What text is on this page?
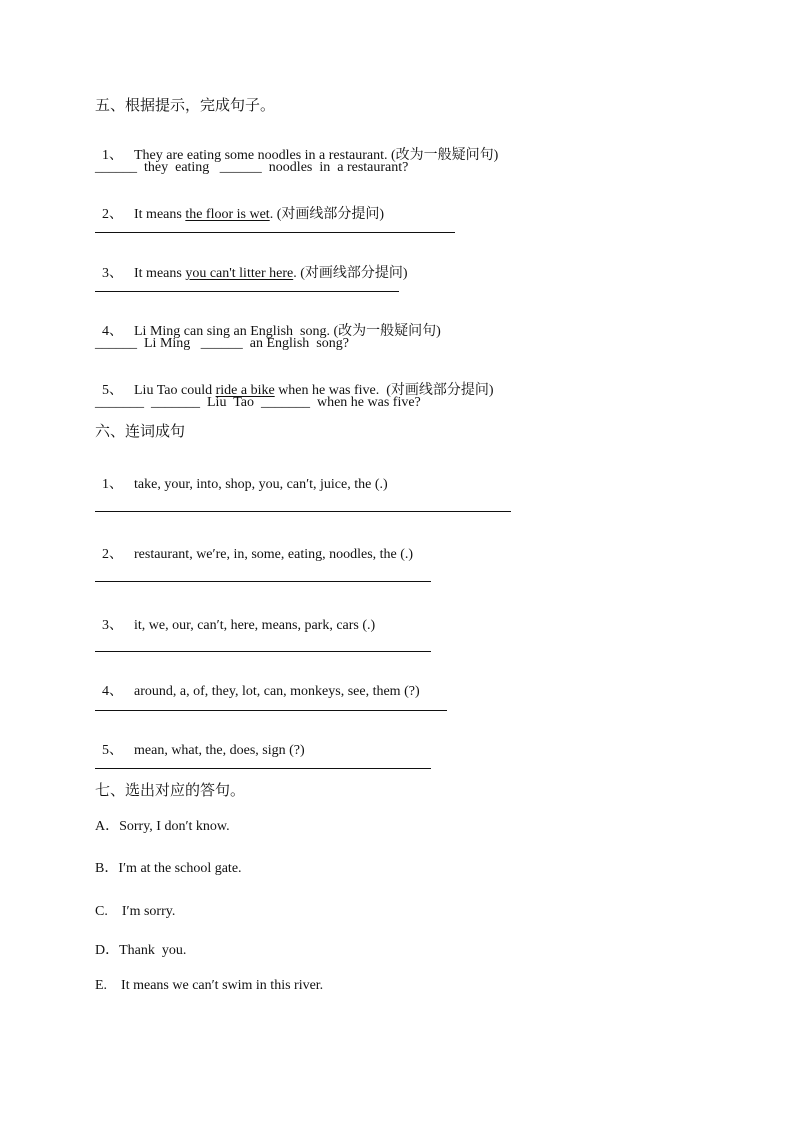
五、根据提示，完成句子。

1、 They are eating some noodles in a restaurant. (改为一般疑问句)

______  they  eating   ______  noodles  in  a restaurant?

2、 It means the floor is wet. (对画线部分提问)

3、 It means you can't litter here. (对画线部分提问)

4、 Li Ming can sing an English  song. (改为一般疑问句)

______  Li Ming   ______  an English  song?

5、 Liu Tao could ride a bike when he was five.  (对画线部分提问)

_______  _______  Liu  Tao  _______  when he was five?
六、连词成句

1、 take, your, into, shop, you, can′t, juice, the (.)

2、 restaurant, we′re, in, some, eating, noodles, the (.)

3、 it, we, our, can′t, here, means, park, cars (.)

4、 around, a, of, they, lot, can, monkeys, see, them (?)

5、 mean, what, the, does, sign (?)

七、选出对应的答句。
A．Sorry, I don′t know.
B．I′m at the school gate.
C.    I′m sorry.
D．Thank  you.
E.    It means we can′t swim in this river.
